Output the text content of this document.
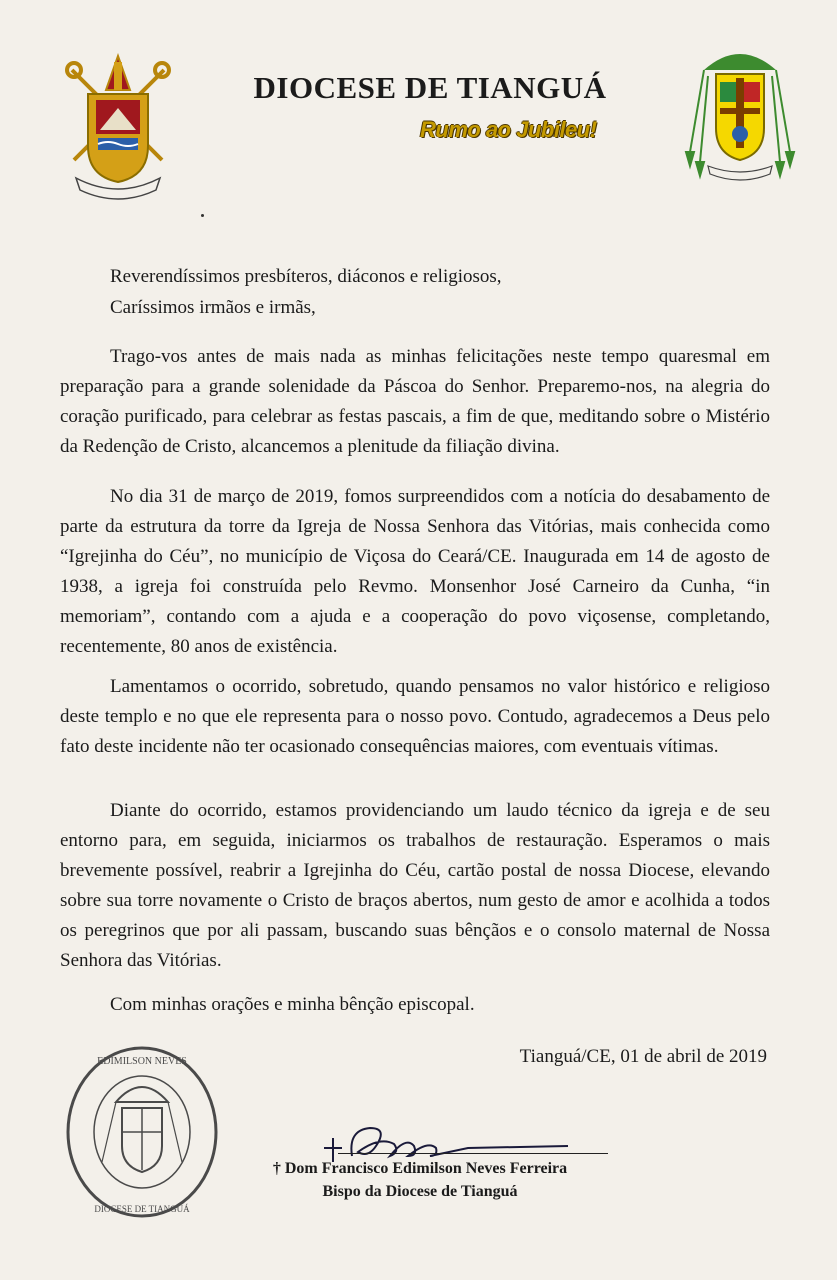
DIOCESE DE TIANGUÁ
Rumo ao Jubileu!
Reverendíssimos presbíteros, diáconos e religiosos,
Caríssimos irmãos e irmãs,

Trago-vos antes de mais nada as minhas felicitações neste tempo quaresmal em preparação para a grande solenidade da Páscoa do Senhor. Preparemo-nos, na alegria do coração purificado, para celebrar as festas pascais, a fim de que, meditando sobre o Mistério da Redenção de Cristo, alcancemos a plenitude da filiação divina.

No dia 31 de março de 2019, fomos surpreendidos com a notícia do desabamento de parte da estrutura da torre da Igreja de Nossa Senhora das Vitórias, mais conhecida como “Igrejinha do Céu”, no município de Viçosa do Ceará/CE. Inaugurada em 14 de agosto de 1938, a igreja foi construída pelo Revmo. Monsenhor José Carneiro da Cunha, “in memoriam”, contando com a ajuda e a cooperação do povo viçosense, completando, recentemente, 80 anos de existência.

Lamentamos o ocorrido, sobretudo, quando pensamos no valor histórico e religioso deste templo e no que ele representa para o nosso povo. Contudo, agradecemos a Deus pelo fato deste incidente não ter ocasionado consequências maiores, com eventuais vítimas.

Diante do ocorrido, estamos providenciando um laudo técnico da igreja e de seu entorno para, em seguida, iniciarmos os trabalhos de restauração. Esperamos o mais brevemente possível, reabrir a Igrejinha do Céu, cartão postal de nossa Diocese, elevando sobre sua torre novamente o Cristo de braços abertos, num gesto de amor e acolhida a todos os peregrinos que por ali passam, buscando suas bênçãos e o consolo maternal de Nossa Senhora das Vitórias.

Com minhas orações e minha bênção episcopal.
Tianguá/CE, 01 de abril de 2019
EDIMILSON NEVES
DIOCESE DE TIANGUÁ
† Dom Francisco Edimilson Neves Ferreira
Bispo da Diocese de Tianguá
